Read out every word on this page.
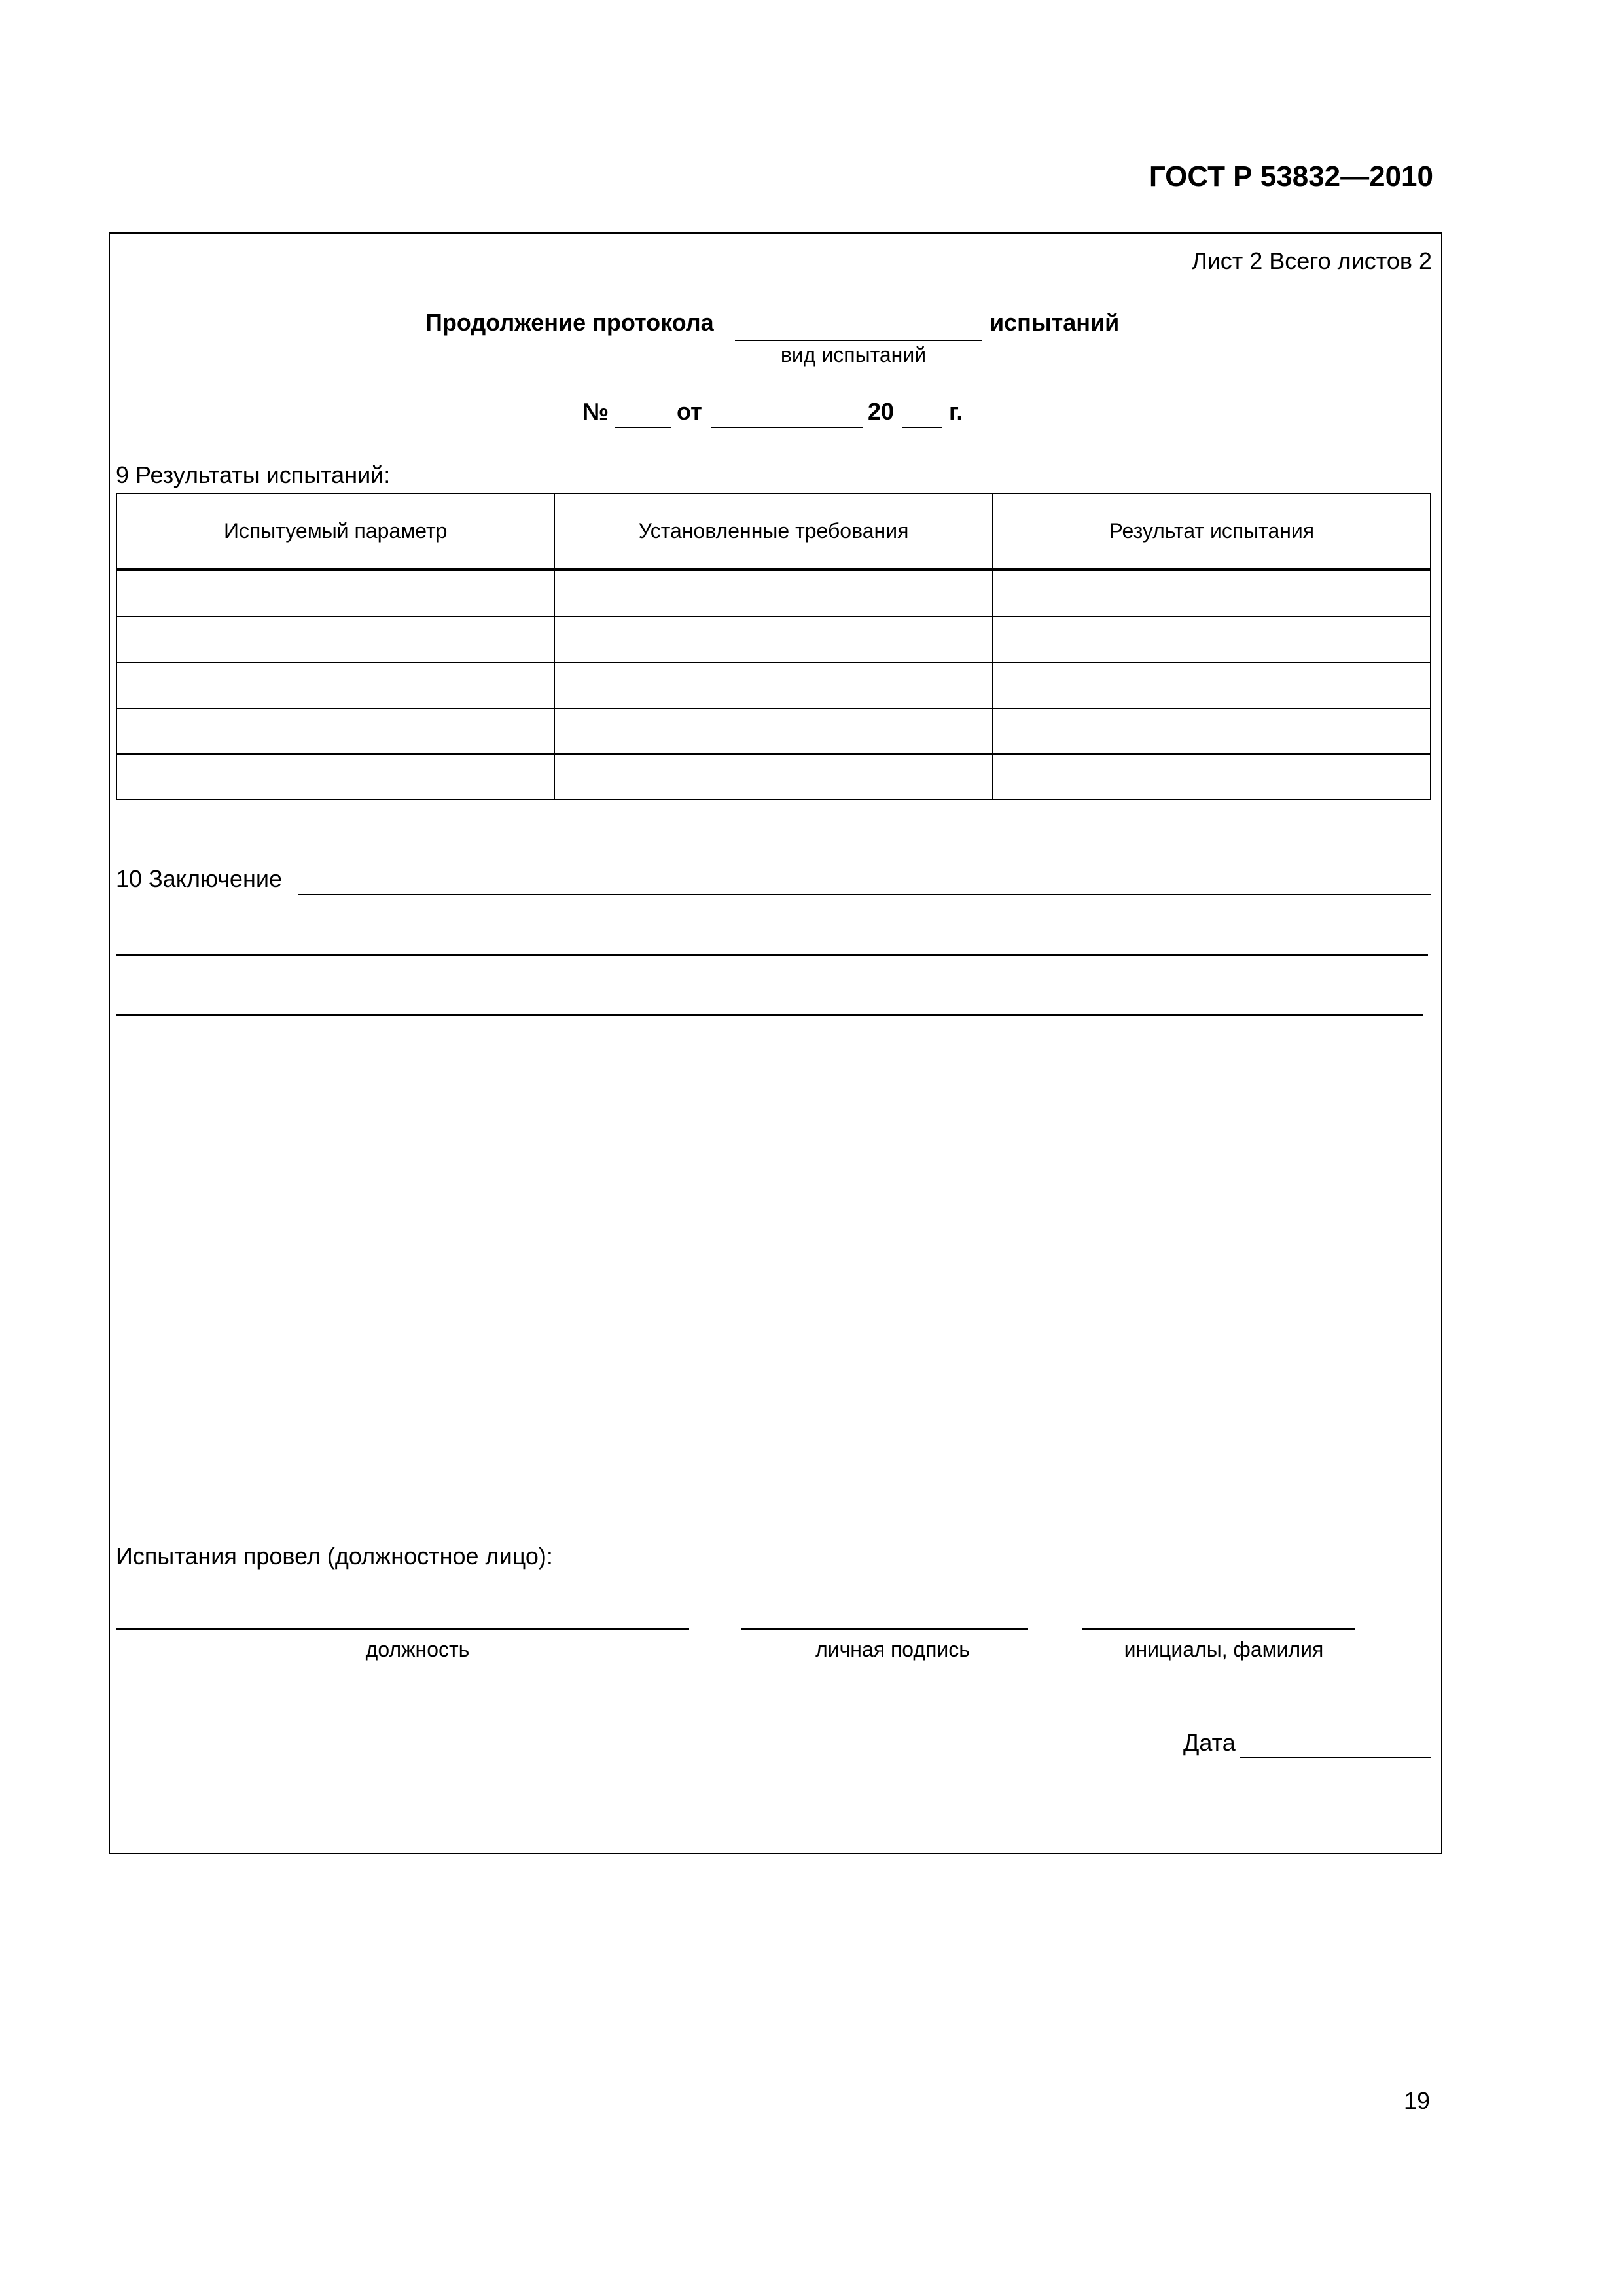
ГОСТ Р 53832—2010
Лист 2 Всего листов 2
Продолжение протокола	испытаний
вид испытаний
№	от	20 г.
9 Результаты испытаний:
Испытуемый параметр	Установленные требования	Результат испытания

10 Заключение
Испытания провел (должностное лицо):
должность	личная подпись	инициалы, фамилия
Дата
19
